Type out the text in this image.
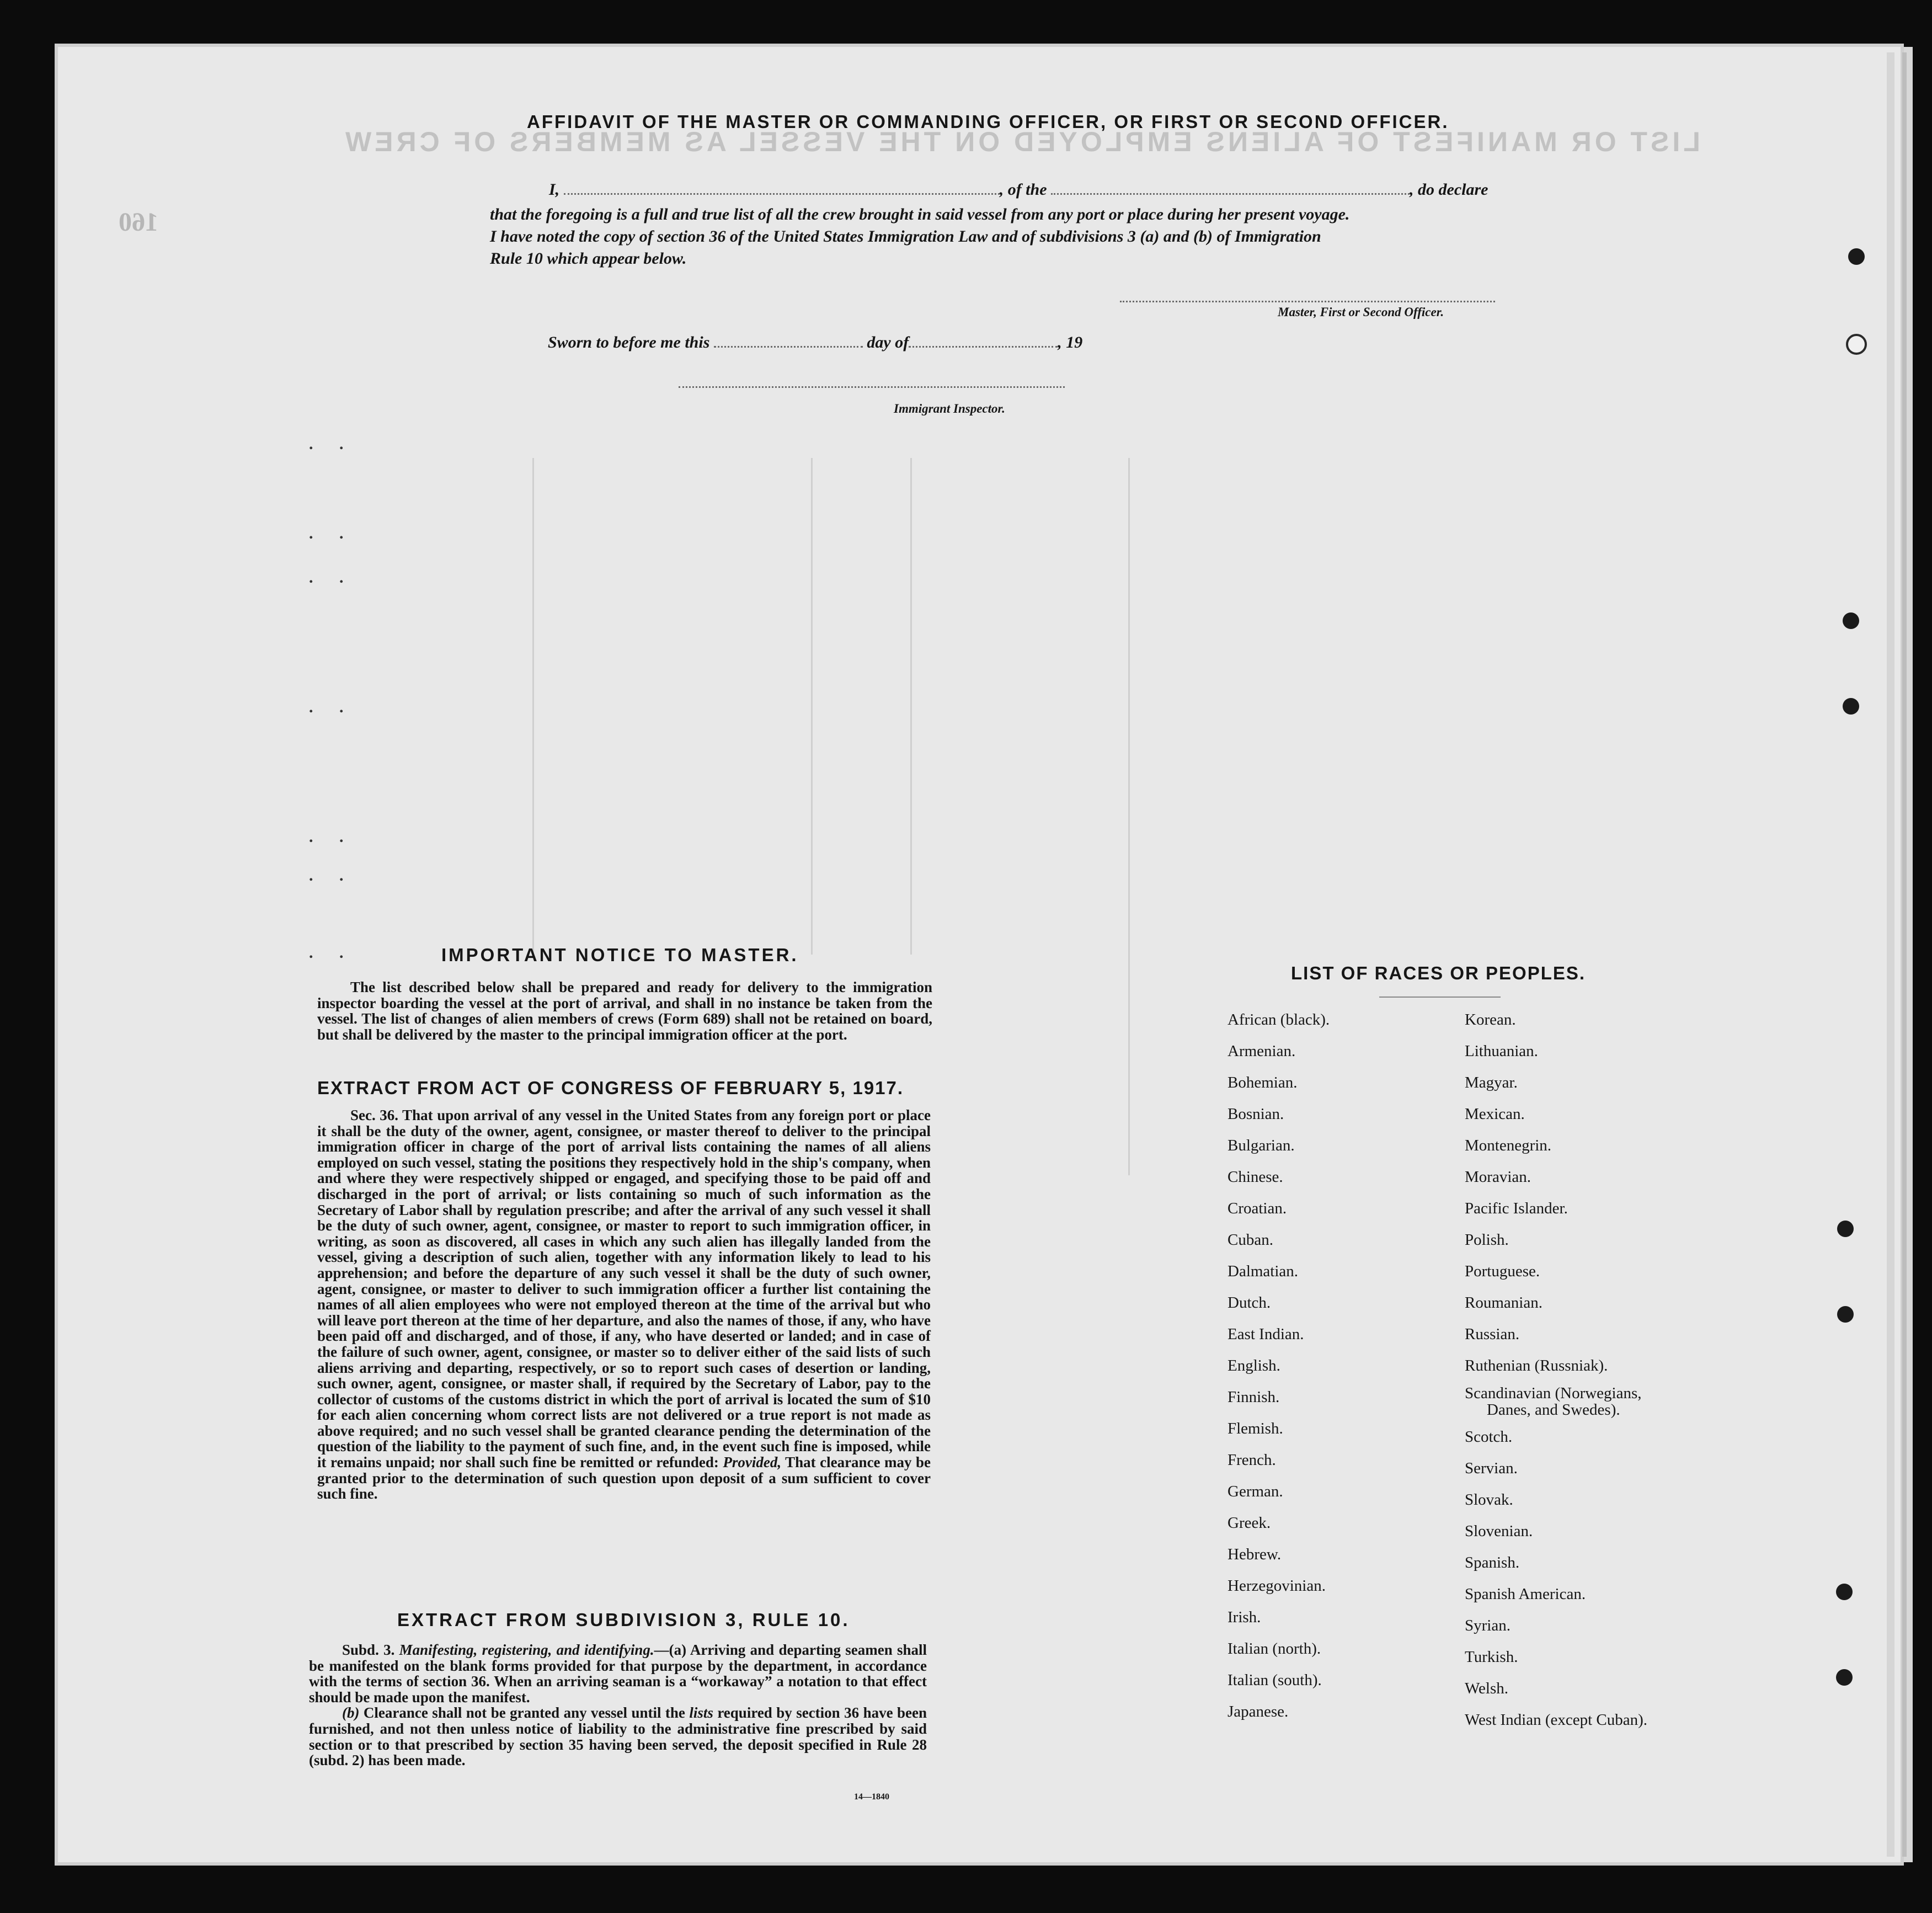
LIST OR MANIFEST OF ALIENS EMPLOYED ON THE VESSEL AS MEMBERS OF CREW
160
. .
. .
. .
. .
. .
. .
. .
AFFIDAVIT OF THE MASTER OR COMMANDING OFFICER, OR FIRST OR SECOND OFFICER.
I,	, of the	, do declare
that the foregoing is a full and true list of all the crew brought in said vessel from any port or place during her present voyage.
I have noted the copy of section 36 of the United States Immigration Law and of subdivisions 3 (a) and (b) of Immigration
Rule 10 which appear below.
Master, First or Second Officer.
Sworn to before me this	day of	, 19
Immigrant Inspector.
IMPORTANT NOTICE TO MASTER.
The list described below shall be prepared and ready for delivery to the immigration inspector boarding the vessel at the port of arrival, and shall in no instance be taken from the vessel. The list of changes of alien members of crews (Form 689) shall not be retained on board, but shall be delivered by the master to the principal immigration officer at the port.
EXTRACT FROM ACT OF CONGRESS OF FEBRUARY 5, 1917.
Sec. 36. That upon arrival of any vessel in the United States from any foreign port or place it shall be the duty of the owner, agent, consignee, or master thereof to deliver to the principal immigration officer in charge of the port of arrival lists containing the names of all aliens employed on such vessel, stating the positions they respectively hold in the ship's company, when and where they were respectively shipped or engaged, and specifying those to be paid off and discharged in the port of arrival; or lists containing so much of such information as the Secretary of Labor shall by regulation prescribe; and after the arrival of any such vessel it shall be the duty of such owner, agent, consignee, or master to report to such immigration officer, in writing, as soon as discovered, all cases in which any such alien has illegally landed from the vessel, giving a description of such alien, together with any information likely to lead to his apprehension; and before the departure of any such vessel it shall be the duty of such owner, agent, consignee, or master to deliver to such immigration officer a further list containing the names of all alien employees who were not employed thereon at the time of the arrival but who will leave port thereon at the time of her departure, and also the names of those, if any, who have been paid off and discharged, and of those, if any, who have deserted or landed; and in case of the failure of such owner, agent, consignee, or master so to deliver either of the said lists of such aliens arriving and departing, respectively, or so to report such cases of desertion or landing, such owner, agent, consignee, or master shall, if required by the Secretary of Labor, pay to the collector of customs of the customs district in which the port of arrival is located the sum of $10 for each alien concerning whom correct lists are not delivered or a true report is not made as above required; and no such vessel shall be granted clearance pending the determination of the question of the liability to the payment of such fine, and, in the event such fine is imposed, while it remains unpaid; nor shall such fine be remitted or refunded: Provided, That clearance may be granted prior to the determination of such question upon deposit of a sum sufficient to cover such fine.
EXTRACT FROM SUBDIVISION 3, RULE 10.
Subd. 3. Manifesting, registering, and identifying.—(a) Arriving and departing seamen shall be manifested on the blank forms provided for that purpose by the department, in accordance with the terms of section 36. When an arriving seaman is a “workaway” a notation to that effect should be made upon the manifest.
(b) Clearance shall not be granted any vessel until the lists required by section 36 have been furnished, and not then unless notice of liability to the administrative fine prescribed by said section or to that prescribed by section 35 having been served, the deposit specified in Rule 28 (subd. 2) has been made.
14—1840
LIST OF RACES OR PEOPLES.
African (black).
Armenian.
Bohemian.
Bosnian.
Bulgarian.
Chinese.
Croatian.
Cuban.
Dalmatian.
Dutch.
East Indian.
English.
Finnish.
Flemish.
French.
German.
Greek.
Hebrew.
Herzegovinian.
Irish.
Italian (north).
Italian (south).
Japanese.
Korean.
Lithuanian.
Magyar.
Mexican.
Montenegrin.
Moravian.
Pacific Islander.
Polish.
Portuguese.
Roumanian.
Russian.
Ruthenian (Russniak).
Scandinavian (Norwegians,
Danes, and Swedes).
Scotch.
Servian.
Slovak.
Slovenian.
Spanish.
Spanish American.
Syrian.
Turkish.
Welsh.
West Indian (except Cuban).
